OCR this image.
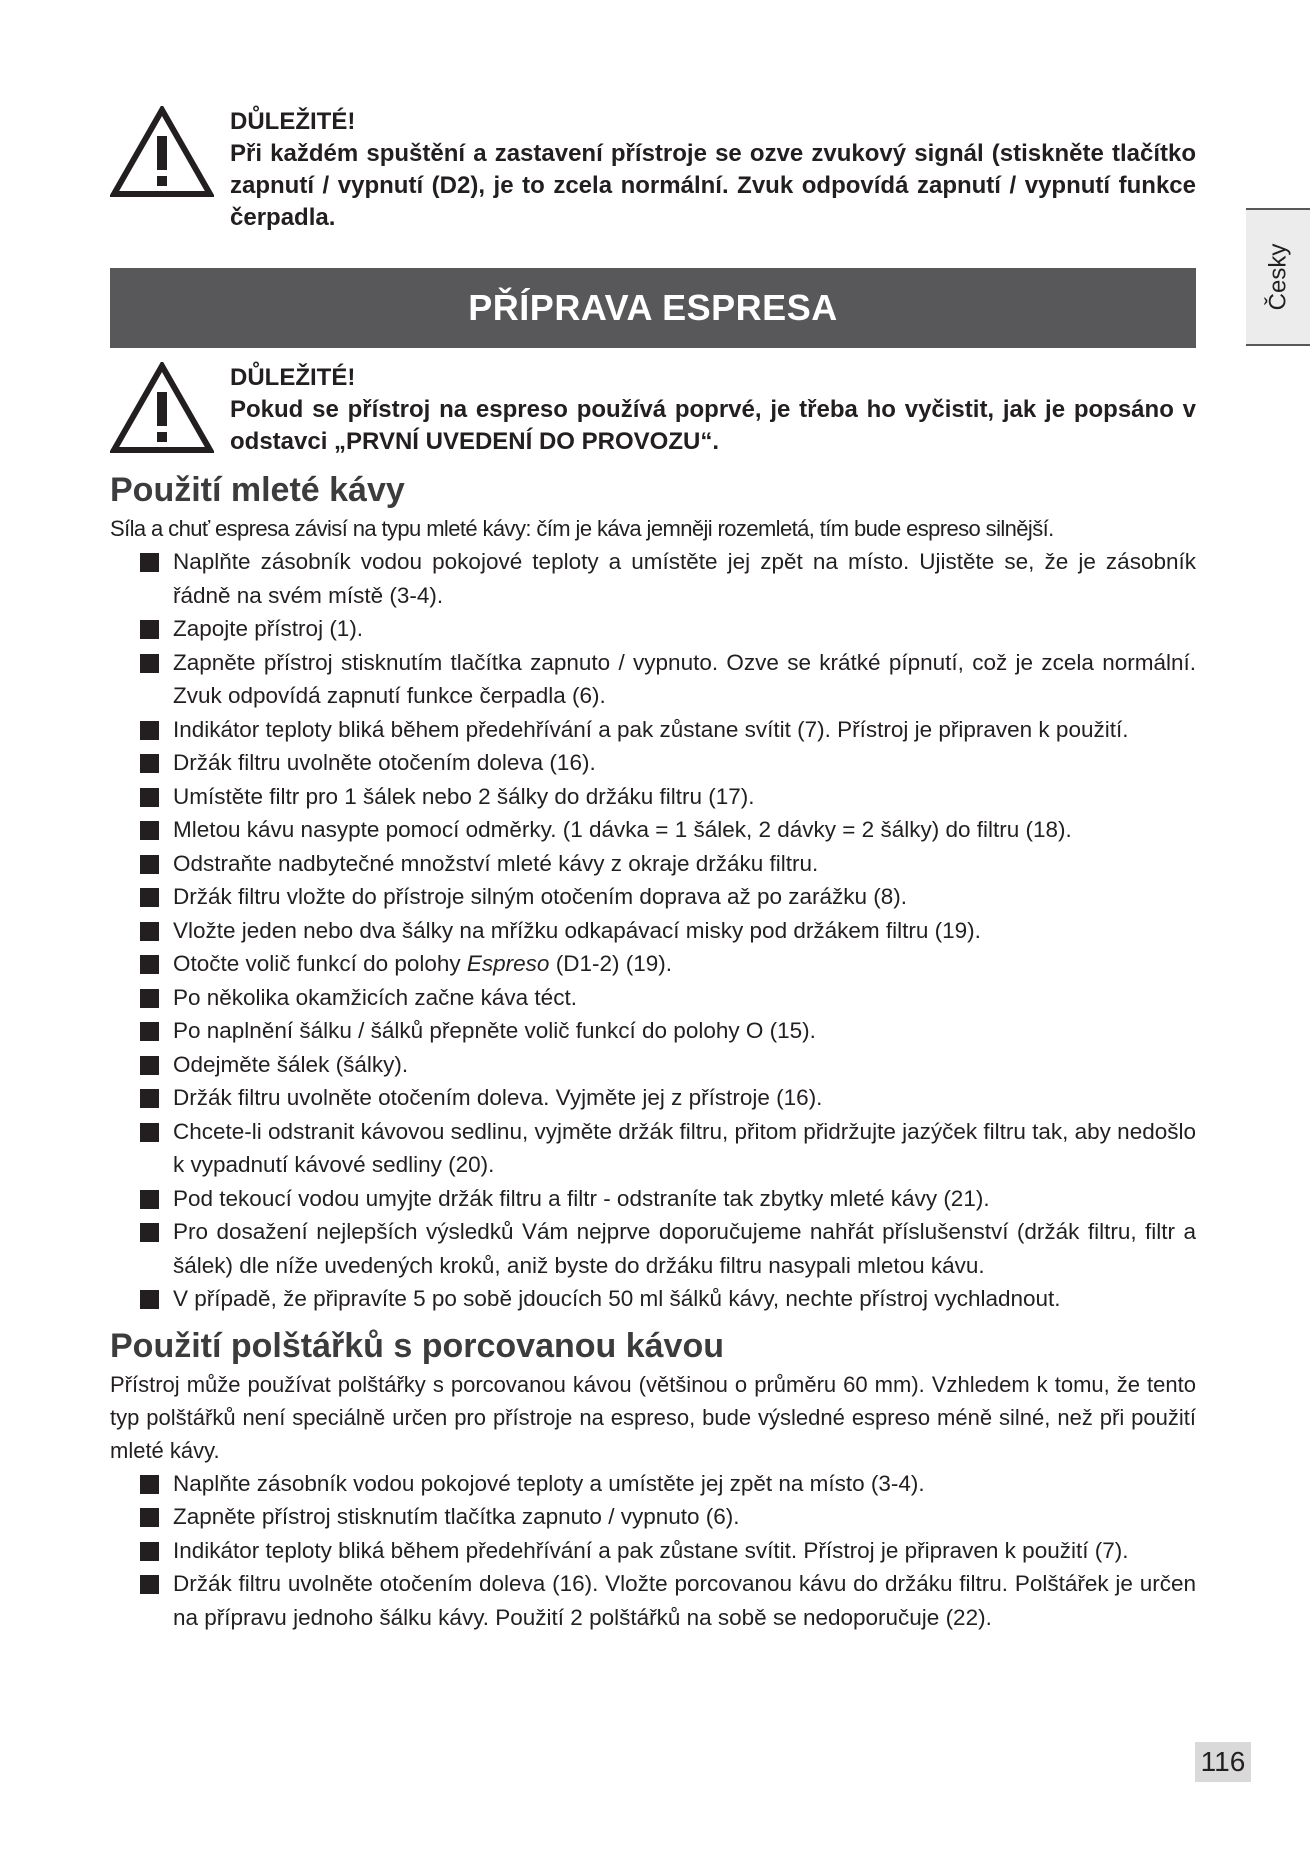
DŮLEŽITÉ!
Při každém spuštění a zastavení přístroje se ozve zvukový signál (stiskněte tlačítko zapnutí / vypnutí (D2), je to zcela normální. Zvuk odpovídá zapnutí / vypnutí funkce čerpadla.
PŘÍPRAVA ESPRESA	Česky
DŮLEŽITÉ!
Pokud se přístroj na espreso používá poprvé, je třeba ho vyčistit, jak je popsáno v odstavci „PRVNÍ UVEDENÍ DO PROVOZU“.
Použití mleté kávy

Síla a chuť espresa závisí na typu mleté kávy: čím je káva jemněji rozemletá, tím bude espreso silnější.

Naplňte zásobník vodou pokojové teploty a umístěte jej zpět na místo. Ujistěte se, že je zásobník řádně na svém místě (3-4).
Zapojte přístroj (1).
Zapněte přístroj stisknutím tlačítka zapnuto / vypnuto. Ozve se krátké pípnutí, což je zcela normální. Zvuk odpovídá zapnutí funkce čerpadla (6).
Indikátor teploty bliká během předehřívání a pak zůstane svítit (7). Přístroj je připraven k použití.
Držák filtru uvolněte otočením doleva (16).
Umístěte filtr pro 1 šálek nebo 2 šálky do držáku filtru (17).
Mletou kávu nasypte pomocí odměrky. (1 dávka = 1 šálek, 2 dávky = 2 šálky) do filtru (18).
Odstraňte nadbytečné množství mleté kávy z okraje držáku filtru.
Držák filtru vložte do přístroje silným otočením doprava až po zarážku (8).
Vložte jeden nebo dva šálky na mřížku odkapávací misky pod držákem filtru (19).
Otočte volič funkcí do polohy Espreso (D1-2) (19).
Po několika okamžicích začne káva téct.
Po naplnění šálku / šálků přepněte volič funkcí do polohy O (15).
Odejměte šálek (šálky).
Držák filtru uvolněte otočením doleva. Vyjměte jej z přístroje (16).
Chcete-li odstranit kávovou sedlinu, vyjměte držák filtru, přitom přidržujte jazýček filtru tak, aby nedošlo k vypadnutí kávové sedliny (20).
Pod tekoucí vodou umyjte držák filtru a filtr - odstraníte tak zbytky mleté kávy (21).
Pro dosažení nejlepších výsledků Vám nejprve doporučujeme nahřát příslušenství (držák filtru, filtr a šálek) dle níže uvedených kroků, aniž byste do držáku filtru nasypali mletou kávu.
V případě, že připravíte 5 po sobě jdoucích 50 ml šálků kávy, nechte přístroj vychladnout.
Použití polštářků s porcovanou kávou

Přístroj může používat polštářky s porcovanou kávou (většinou o průměru 60 mm). Vzhledem k tomu, že tento typ polštářků není speciálně určen pro přístroje na espreso, bude výsledné espreso méně silné, než při použití mleté kávy.

Naplňte zásobník vodou pokojové teploty a umístěte jej zpět na místo (3-4).
Zapněte přístroj stisknutím tlačítka zapnuto / vypnuto (6).
Indikátor teploty bliká během předehřívání a pak zůstane svítit. Přístroj je připraven k použití (7).
Držák filtru uvolněte otočením doleva (16). Vložte porcovanou kávu do držáku filtru. Polštářek je určen na přípravu jednoho šálku kávy. Použití 2 polštářků na sobě se nedoporučuje (22).
116
